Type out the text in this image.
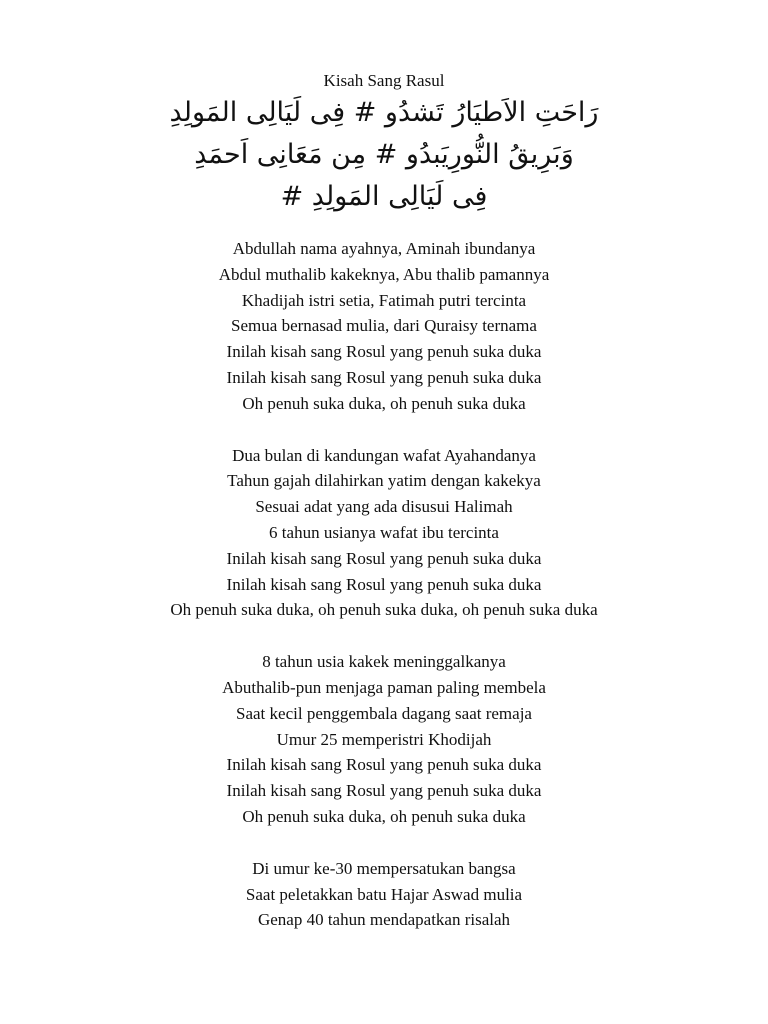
Kisah Sang Rasul
رَاحَتِ الاَطيَارُ تَشدُو # فِى لَيَالِى المَولِدِ
وَبَرِيقُ النُّورِيَبدُو # مِن مَعَانِى اَحمَدِ
فِى لَيَالِى المَولِدِ #
Abdullah nama ayahnya, Aminah ibundanya
Abdul muthalib kakeknya, Abu thalib pamannya
Khadijah istri setia, Fatimah putri tercinta
Semua bernasad mulia, dari Quraisy ternama
Inilah kisah sang Rosul yang penuh suka duka
Inilah kisah sang Rosul yang penuh suka duka
Oh penuh suka duka, oh penuh suka duka
Dua bulan di kandungan wafat Ayahandanya
Tahun gajah dilahirkan yatim dengan kakekya
Sesuai adat yang ada disusui Halimah
6 tahun usianya wafat ibu tercinta
Inilah kisah sang Rosul yang penuh suka duka
Inilah kisah sang Rosul yang penuh suka duka
Oh penuh suka duka, oh penuh suka duka, oh penuh suka duka
8 tahun usia kakek meninggalkanya
Abuthalib-pun menjaga paman paling membela
Saat kecil penggembala dagang saat remaja
Umur 25 memperistri Khodijah
Inilah kisah sang Rosul yang penuh suka duka
Inilah kisah sang Rosul yang penuh suka duka
Oh penuh suka duka, oh penuh suka duka
Di umur ke-30 mempersatukan bangsa
Saat peletakkan batu Hajar Aswad mulia
Genap 40 tahun mendapatkan risalah
